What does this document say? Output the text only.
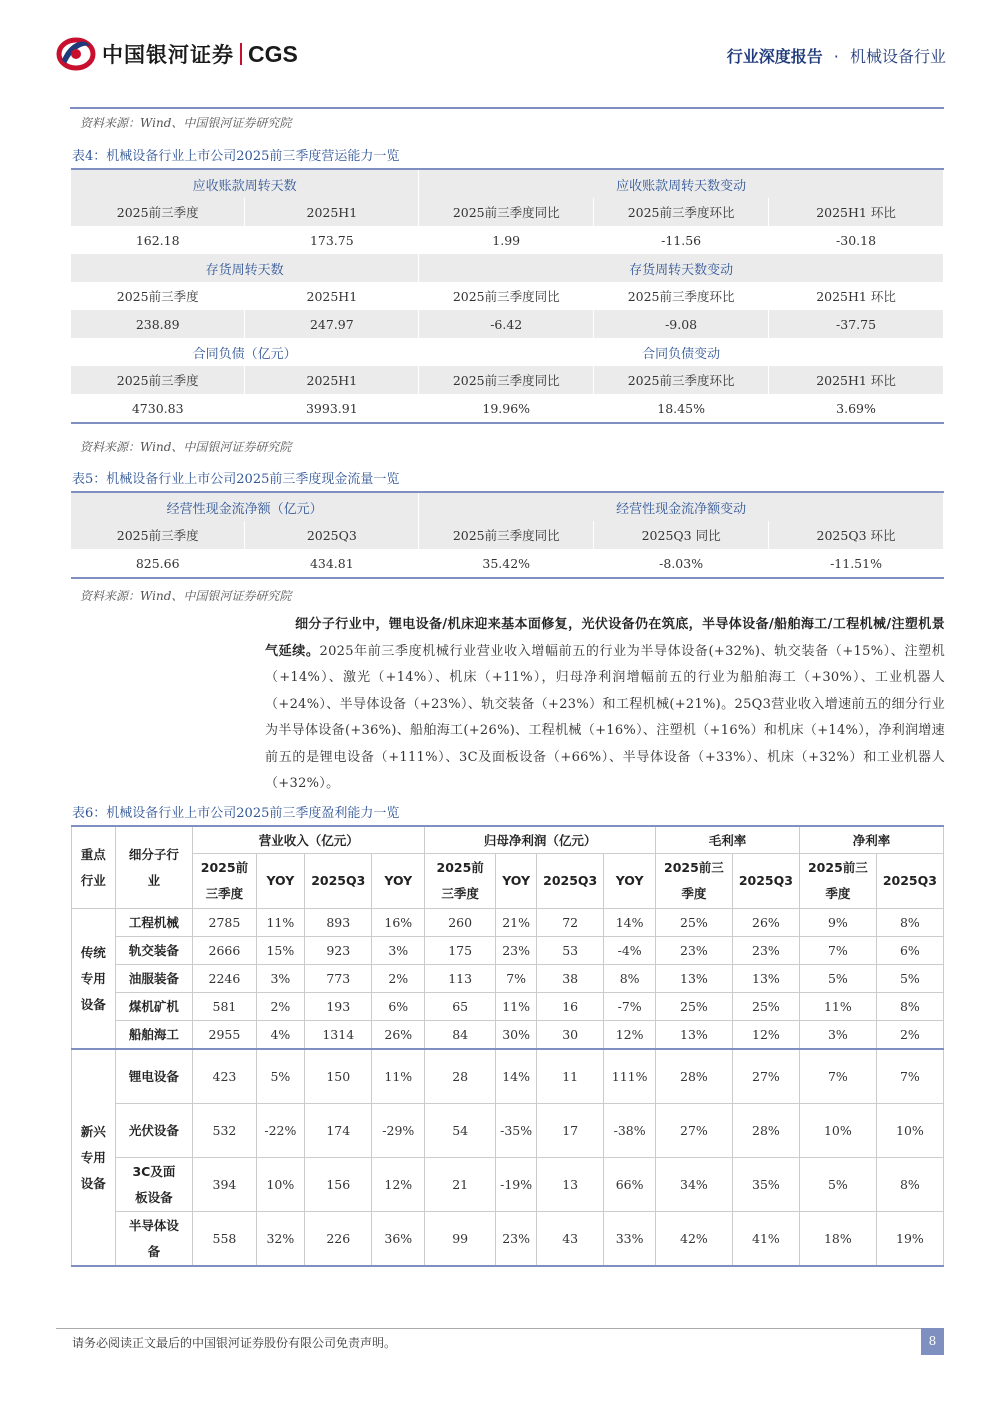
中国银河证券 CGS	行业深度报告 · 机械设备行业
资料来源：Wind、中国银河证券研究院
表4：机械设备行业上市公司2025前三季度营运能力一览
应收账款周转天数		应收账款周转天数变动		
2025前三季度	2025H1	2025前三季度同比	2025前三季度环比	2025H1 环比
162.18	173.75	1.99	-11.56	-30.18
存货周转天数		存货周转天数变动		
2025前三季度	2025H1	2025前三季度同比	2025前三季度环比	2025H1 环比
238.89	247.97	-6.42	-9.08	-37.75
合同负债（亿元）		合同负债变动		
2025前三季度	2025H1	2025前三季度同比	2025前三季度环比	2025H1 环比
4730.83	3993.91	19.96%	18.45%	3.69%
资料来源：Wind、中国银河证券研究院
表5：机械设备行业上市公司2025前三季度现金流量一览
经营性现金流净额（亿元）		经营性现金流净额变动		
2025前三季度	2025Q3	2025前三季度同比	2025Q3 同比	2025Q3 环比
825.66	434.81	35.42%	-8.03%	-11.51%
资料来源：Wind、中国银河证券研究院
细分子行业中，锂电设备/机床迎来基本面修复，光伏设备仍在筑底，半导体设备/船舶海工/工程机械/注塑机景气延续。2025年前三季度机械行业营业收入增幅前五的行业为半导体设备(+32%)、轨交装备（+15%）、注塑机（+14%）、激光（+14%）、机床（+11%），归母净利润增幅前五的行业为船舶海工（+30%）、工业机器人（+24%）、半导体设备（+23%）、轨交装备（+23%）和工程机械(+21%)。25Q3营业收入增速前五的细分行业为半导体设备(+36%)、船舶海工(+26%)、工程机械（+16%）、注塑机（+16%）和机床（+14%），净利润增速前五的是锂电设备（+111%）、3C及面板设备（+66%）、半导体设备（+33%）、机床（+32%）和工业机器人（+32%）。
表6：机械设备行业上市公司2025前三季度盈利能力一览
重点行业	细分子行业	营业收入（亿元）				归母净利润（亿元）				毛利率		净利率	
		2025前三季度	YOY	2025Q3	YOY	2025前三季度	YOY	2025Q3	YOY	2025前三季度	2025Q3	2025前三季度	2025Q3
传统专用设备	工程机械	2785	11%	893	16%	260	21%	72	14%	25%	26%	9%	8%
	轨交装备	2666	15%	923	3%	175	23%	53	-4%	23%	23%	7%	6%
	油服装备	2246	3%	773	2%	113	7%	38	8%	13%	13%	5%	5%
	煤机矿机	581	2%	193	6%	65	11%	16	-7%	25%	25%	11%	8%
	船舶海工	2955	4%	1314	26%	84	30%	30	12%	13%	12%	3%	2%
新兴专用设备	锂电设备	423	5%	150	11%	28	14%	11	111%	28%	27%	7%	7%
	光伏设备	532	-22%	174	-29%	54	-35%	17	-38%	27%	28%	10%	10%
	3C及面板设备	394	10%	156	12%	21	-19%	13	66%	34%	35%	5%	8%
	半导体设备	558	32%	226	36%	99	23%	43	33%	42%	41%	18%	19%
请务必阅读正文最后的中国银河证券股份有限公司免责声明。	8
